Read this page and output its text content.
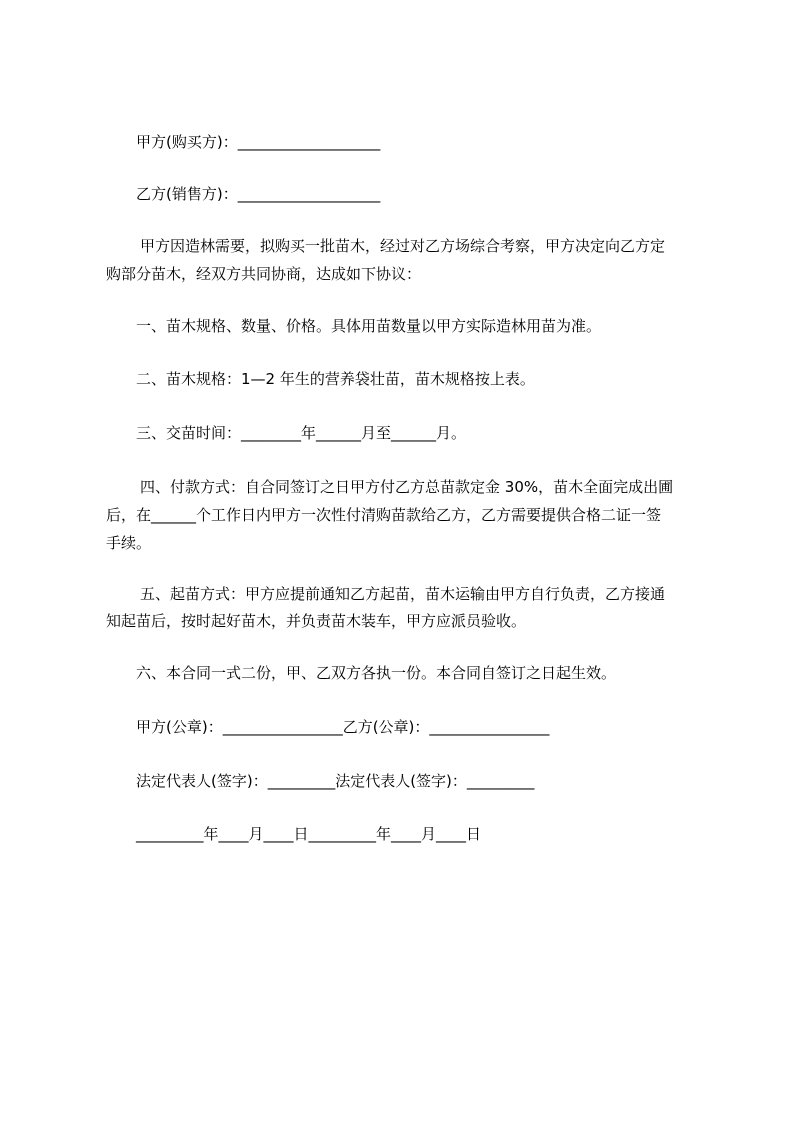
甲方(购买方)：___________________
乙方(销售方)：___________________
甲方因造林需要，拟购买一批苗木，经过对乙方场综合考察，甲方决定向乙方定
购部分苗木，经双方共同协商，达成如下协议：
一、苗木规格、数量、价格。具体用苗数量以甲方实际造林用苗为准。
二、苗木规格：1—2 年生的营养袋壮苗，苗木规格按上表。
三、交苗时间：________年______月至______月。
四、付款方式：自合同签订之日甲方付乙方总苗款定金 30%，苗木全面完成出圃
后，在______个工作日内甲方一次性付清购苗款给乙方，乙方需要提供合格二证一签
手续。
五、起苗方式：甲方应提前通知乙方起苗，苗木运输由甲方自行负责，乙方接通
知起苗后，按时起好苗木，并负责苗木装车，甲方应派员验收。
六、本合同一式二份，甲、乙双方各执一份。本合同自签订之日起生效。
甲方(公章)：________________乙方(公章)：________________
法定代表人(签字)：_________法定代表人(签字)：_________
_________年____月____日_________年____月____日
